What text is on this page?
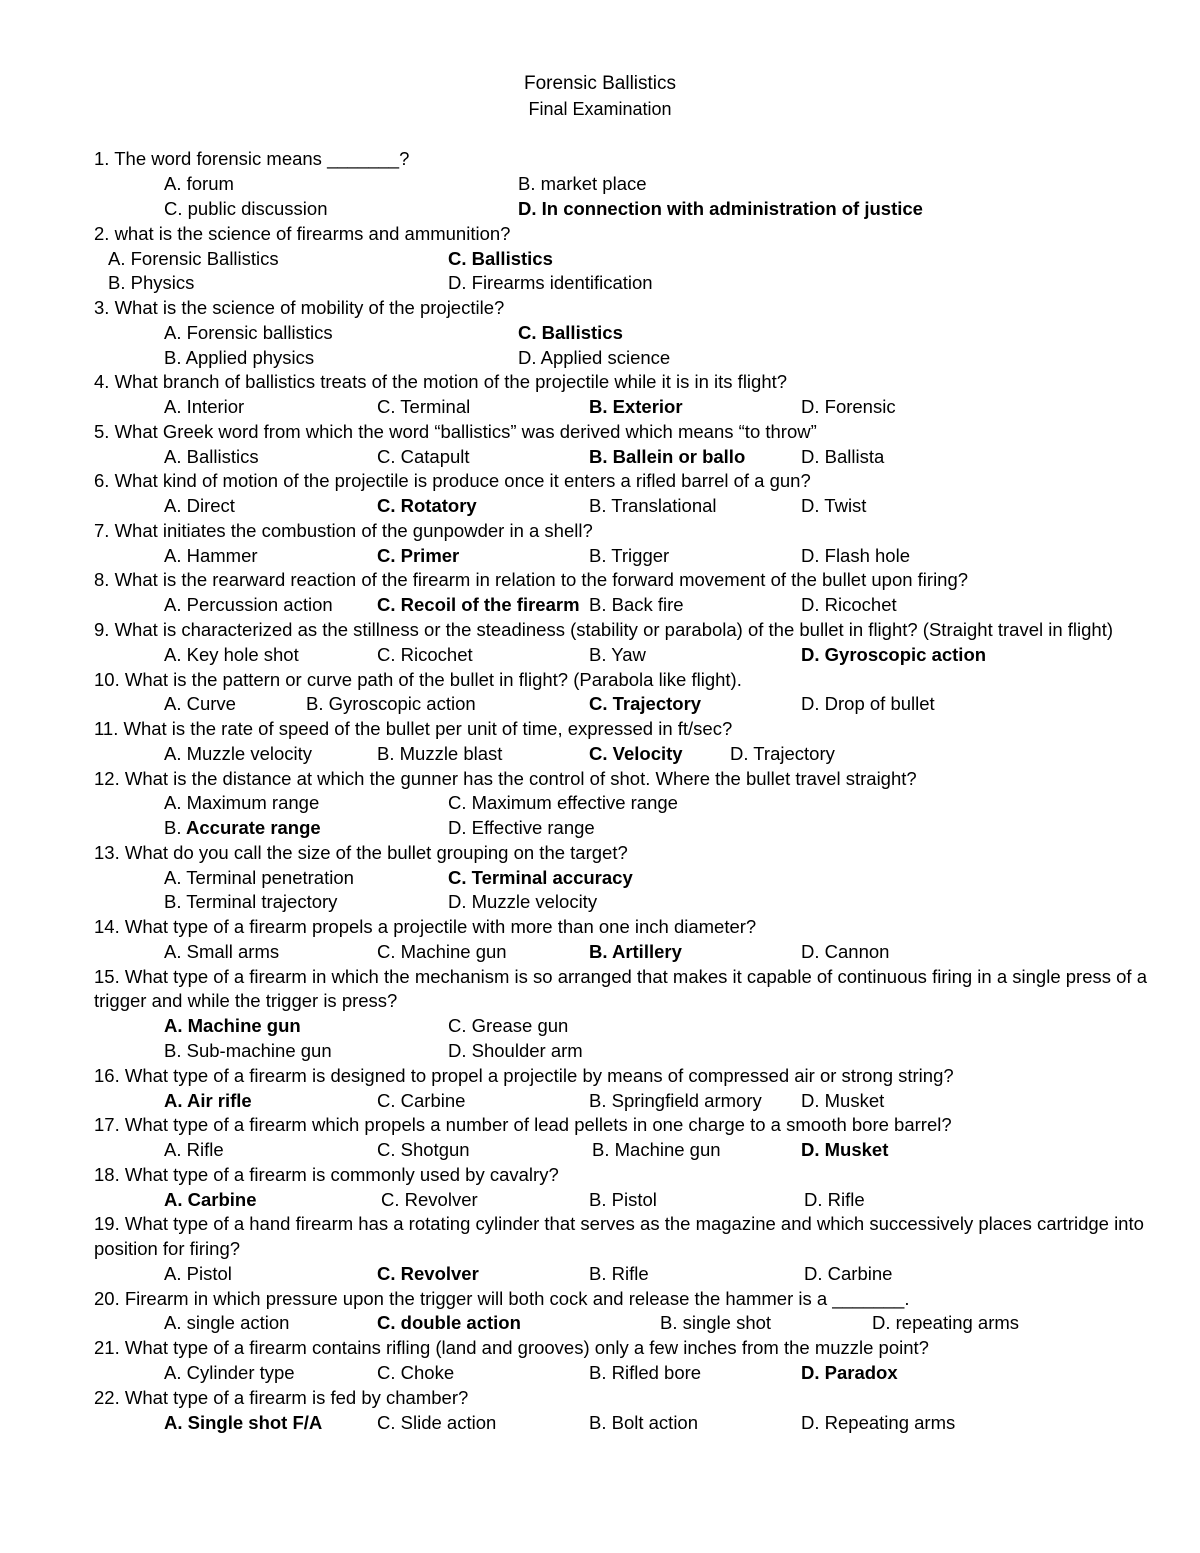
Forensic Ballistics
Final Examination
1. The word forensic means _______?
A. forum	B. market place
C. public discussion	D. In connection with administration of justice
2. what is the science of firearms and ammunition?
A. Forensic Ballistics	C. Ballistics
B. Physics	D. Firearms identification
3. What is the science of mobility of the projectile?
A. Forensic ballistics	C. Ballistics
B. Applied physics	D. Applied science
4. What branch of ballistics treats of the motion of the projectile while it is in its flight?
A. Interior	C. Terminal	B. Exterior	D. Forensic
5. What Greek word from which the word “ballistics” was derived which means “to throw”
A. Ballistics	C. Catapult	B. Ballein or ballo	D. Ballista
6. What kind of motion of the projectile is produce once it enters a rifled barrel of a gun?
A. Direct	C. Rotatory	B. Translational	D. Twist
7. What initiates the combustion of the gunpowder in a shell?
A. Hammer	C. Primer	B. Trigger	D. Flash hole
8. What is the rearward reaction of the firearm in relation to the forward movement of the bullet upon firing?
A. Percussion action C. Recoil of the firearm B. Back fire	D. Ricochet
9. What is characterized as the stillness or the steadiness (stability or parabola) of the bullet in flight? (Straight travel in flight)
A. Key hole shot	C. Ricochet	B. Yaw	D. Gyroscopic action
10. What is the pattern or curve path of the bullet in flight? (Parabola like flight).
A. Curve	B. Gyroscopic action	C. Trajectory	D. Drop of bullet
11. What is the rate of speed of the bullet per unit of time, expressed in ft/sec?
A. Muzzle velocity	B. Muzzle blast	C. Velocity	D. Trajectory
12. What is the distance at which the gunner has the control of shot. Where the bullet travel straight?
A. Maximum range	C. Maximum effective range
B. Accurate range	D. Effective range
13. What do you call the size of the bullet grouping on the target?
A. Terminal penetration	C. Terminal accuracy
B. Terminal trajectory	D. Muzzle velocity
14. What type of a firearm propels a projectile with more than one inch diameter?
A. Small arms	C. Machine gun	B. Artillery	D. Cannon
15. What type of a firearm in which the mechanism is so arranged that makes it capable of continuous firing in a single press of a
trigger and while the trigger is press?
A. Machine gun	C. Grease gun
B. Sub-machine gun	D. Shoulder arm
16. What type of a firearm is designed to propel a projectile by means of compressed air or strong string?
A. Air rifle	C. Carbine	B. Springfield armory D. Musket
17. What type of a firearm which propels a number of lead pellets in one charge to a smooth bore barrel?
A. Rifle	C. Shotgun	B. Machine gun	D. Musket
18. What type of a firearm is commonly used by cavalry?
A. Carbine	C. Revolver	B. Pistol	D. Rifle
19. What type of a hand firearm has a rotating cylinder that serves as the magazine and which successively places cartridge into
position for firing?
A. Pistol	C. Revolver	B. Rifle	D. Carbine
20. Firearm in which pressure upon the trigger will both cock and release the hammer is a _______.
A. single action	C. double action	B. single shot	D. repeating arms
21. What type of a firearm contains rifling (land and grooves) only a few inches from the muzzle point?
A. Cylinder type	C. Choke	B. Rifled bore	D. Paradox
22. What type of a firearm is fed by chamber?
A. Single shot F/A	C. Slide action	B. Bolt action	D. Repeating arms
